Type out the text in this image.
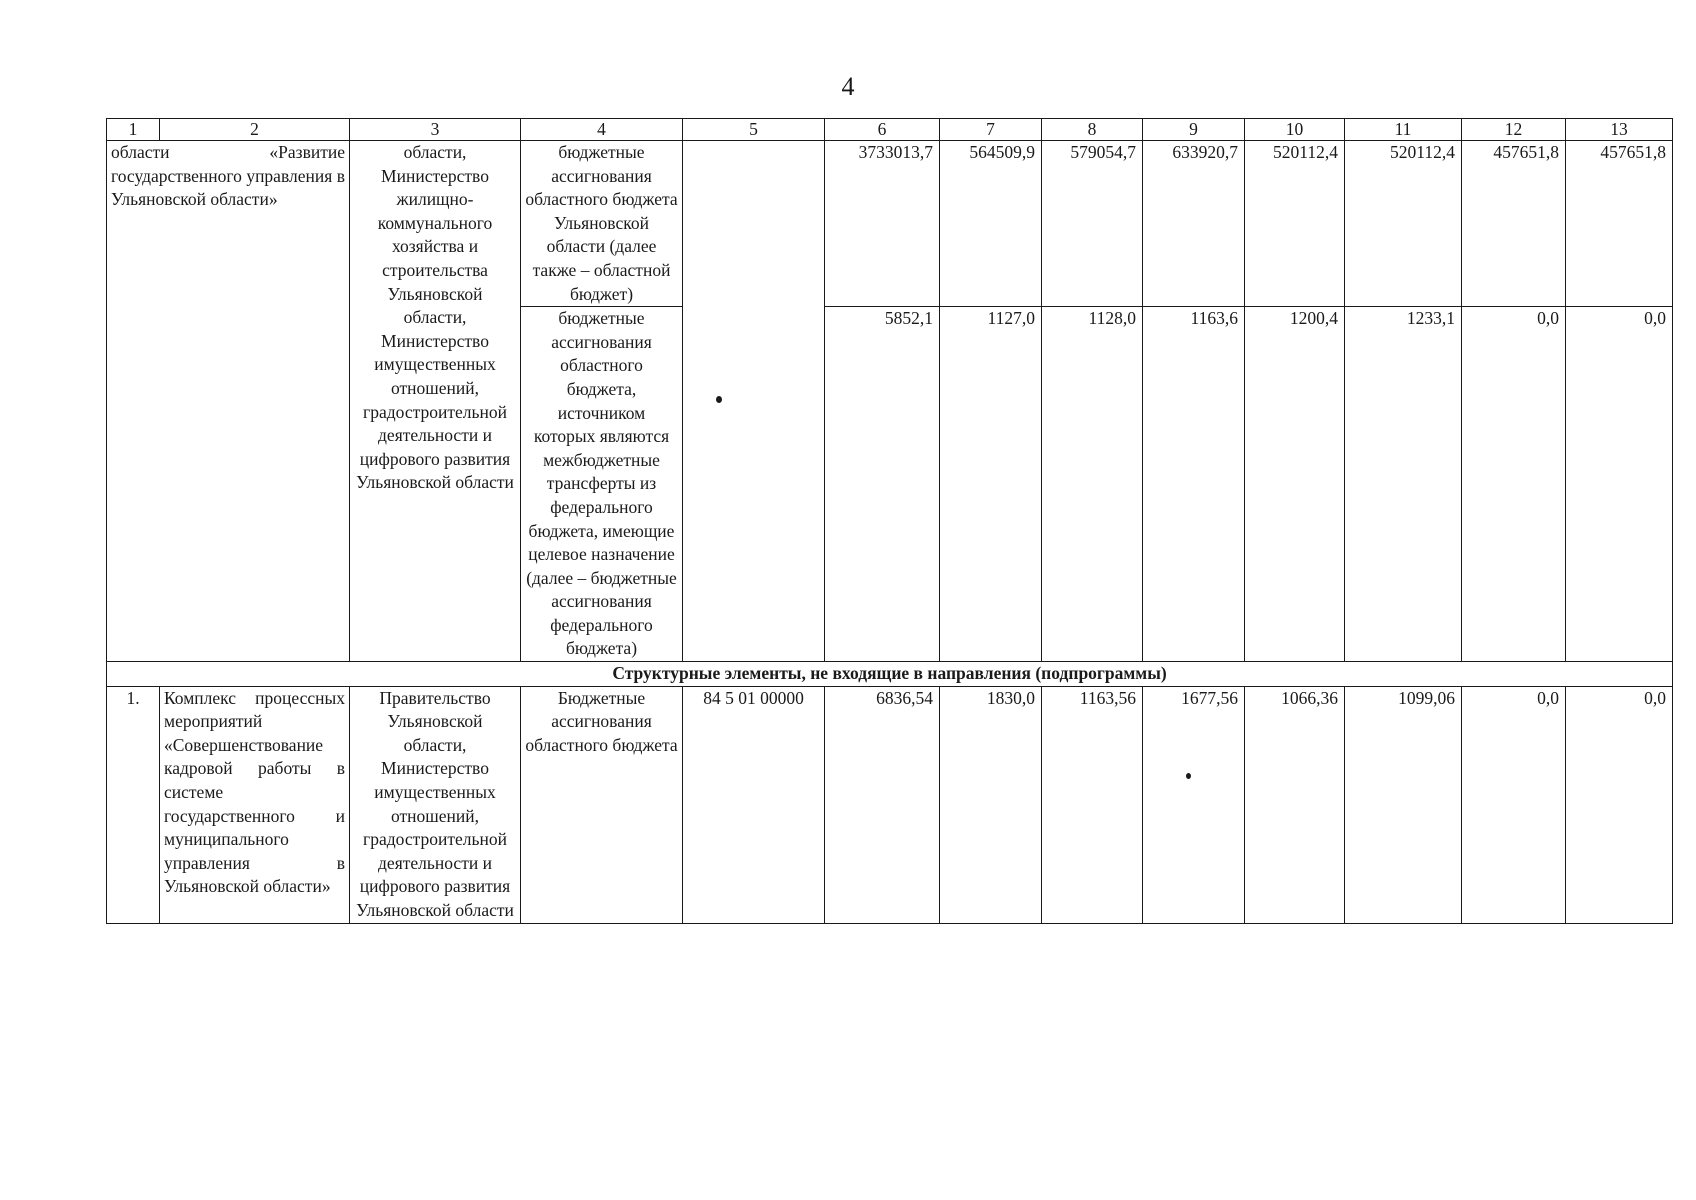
4
1	2	3	4	5	6	7	8	9	10	11	12	13
области «Развитие государственного управления в Ульяновской области»		области, Министерство жилищно-коммунального хозяйства и строительства Ульяновской области, Министерство имущественных отношений, градостроительной деятельности и цифрового развития Ульяновской области	бюджетные ассигнования областного бюджета Ульяновской области (далее также – областной бюджет)		3733013,7	564509,9	579054,7	633920,7	520112,4	520112,4	457651,8	457651,8
			бюджетные ассигнования областного бюджета, источником которых являются межбюджетные трансферты из федерального бюджета, имеющие целевое назначение (далее – бюджетные ассигнования федерального бюджета)		5852,1	1127,0	1128,0	1163,6	1200,4	1233,1	0,0	0,0
Структурные элементы, не входящие в направления (подпрограммы)												
1.	Комплекс процессных мероприятий «Совершенствование кадровой работы в системе государственного и муниципального управления в Ульяновской области»	Правительство Ульяновской области, Министерство имущественных отношений, градостроительной деятельности и цифрового развития Ульяновской области	Бюджетные ассигнования областного бюджета	84 5 01 00000	6836,54	1830,0	1163,56	1677,56	1066,36	1099,06	0,0	0,0
